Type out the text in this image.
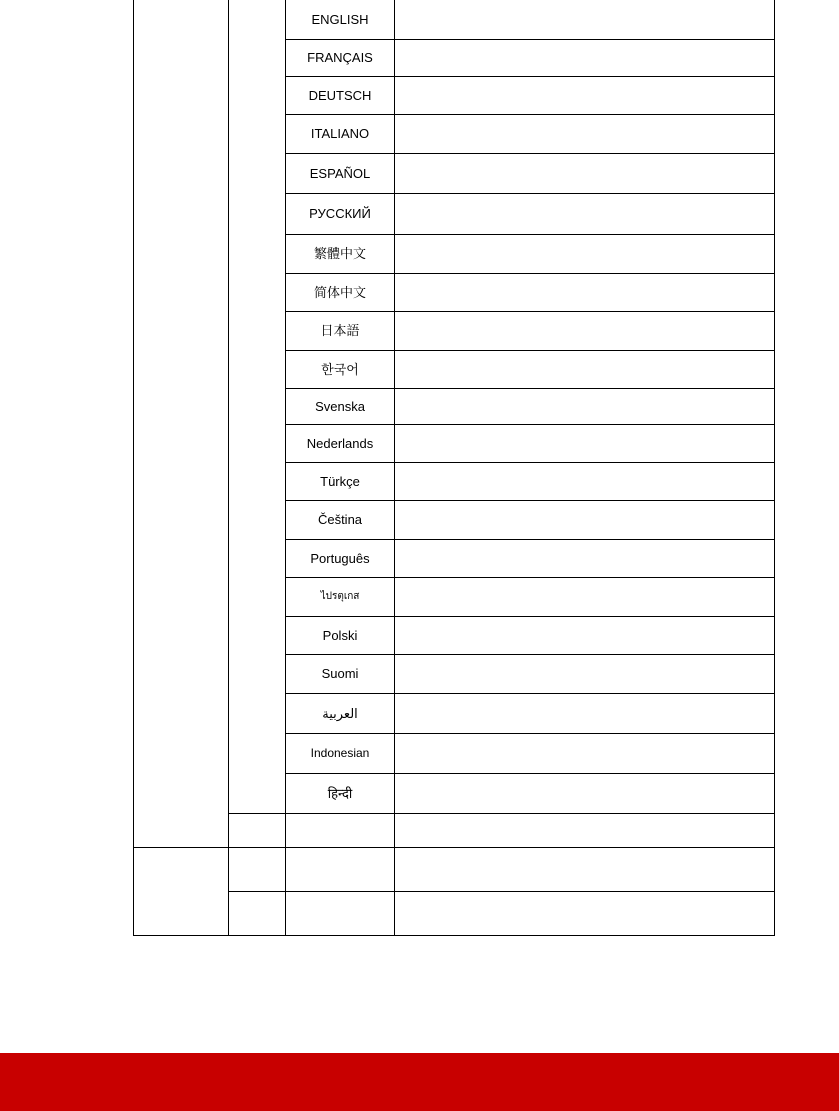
		ENGLISH	
		FRANÇAIS	
		DEUTSCH	
		ITALIANO	
		ESPAÑOL	
		РУССКИЙ	
		繁體中文	
		简体中文	
		日本語	
		한국어	
		Svenska	
		Nederlands	
		Türkçe	
		Čeština	
		Português	
		ไปรตุเกส	
		Polski	
		Suomi	
		العربية	
		Indonesian	
		हिन्दी	
